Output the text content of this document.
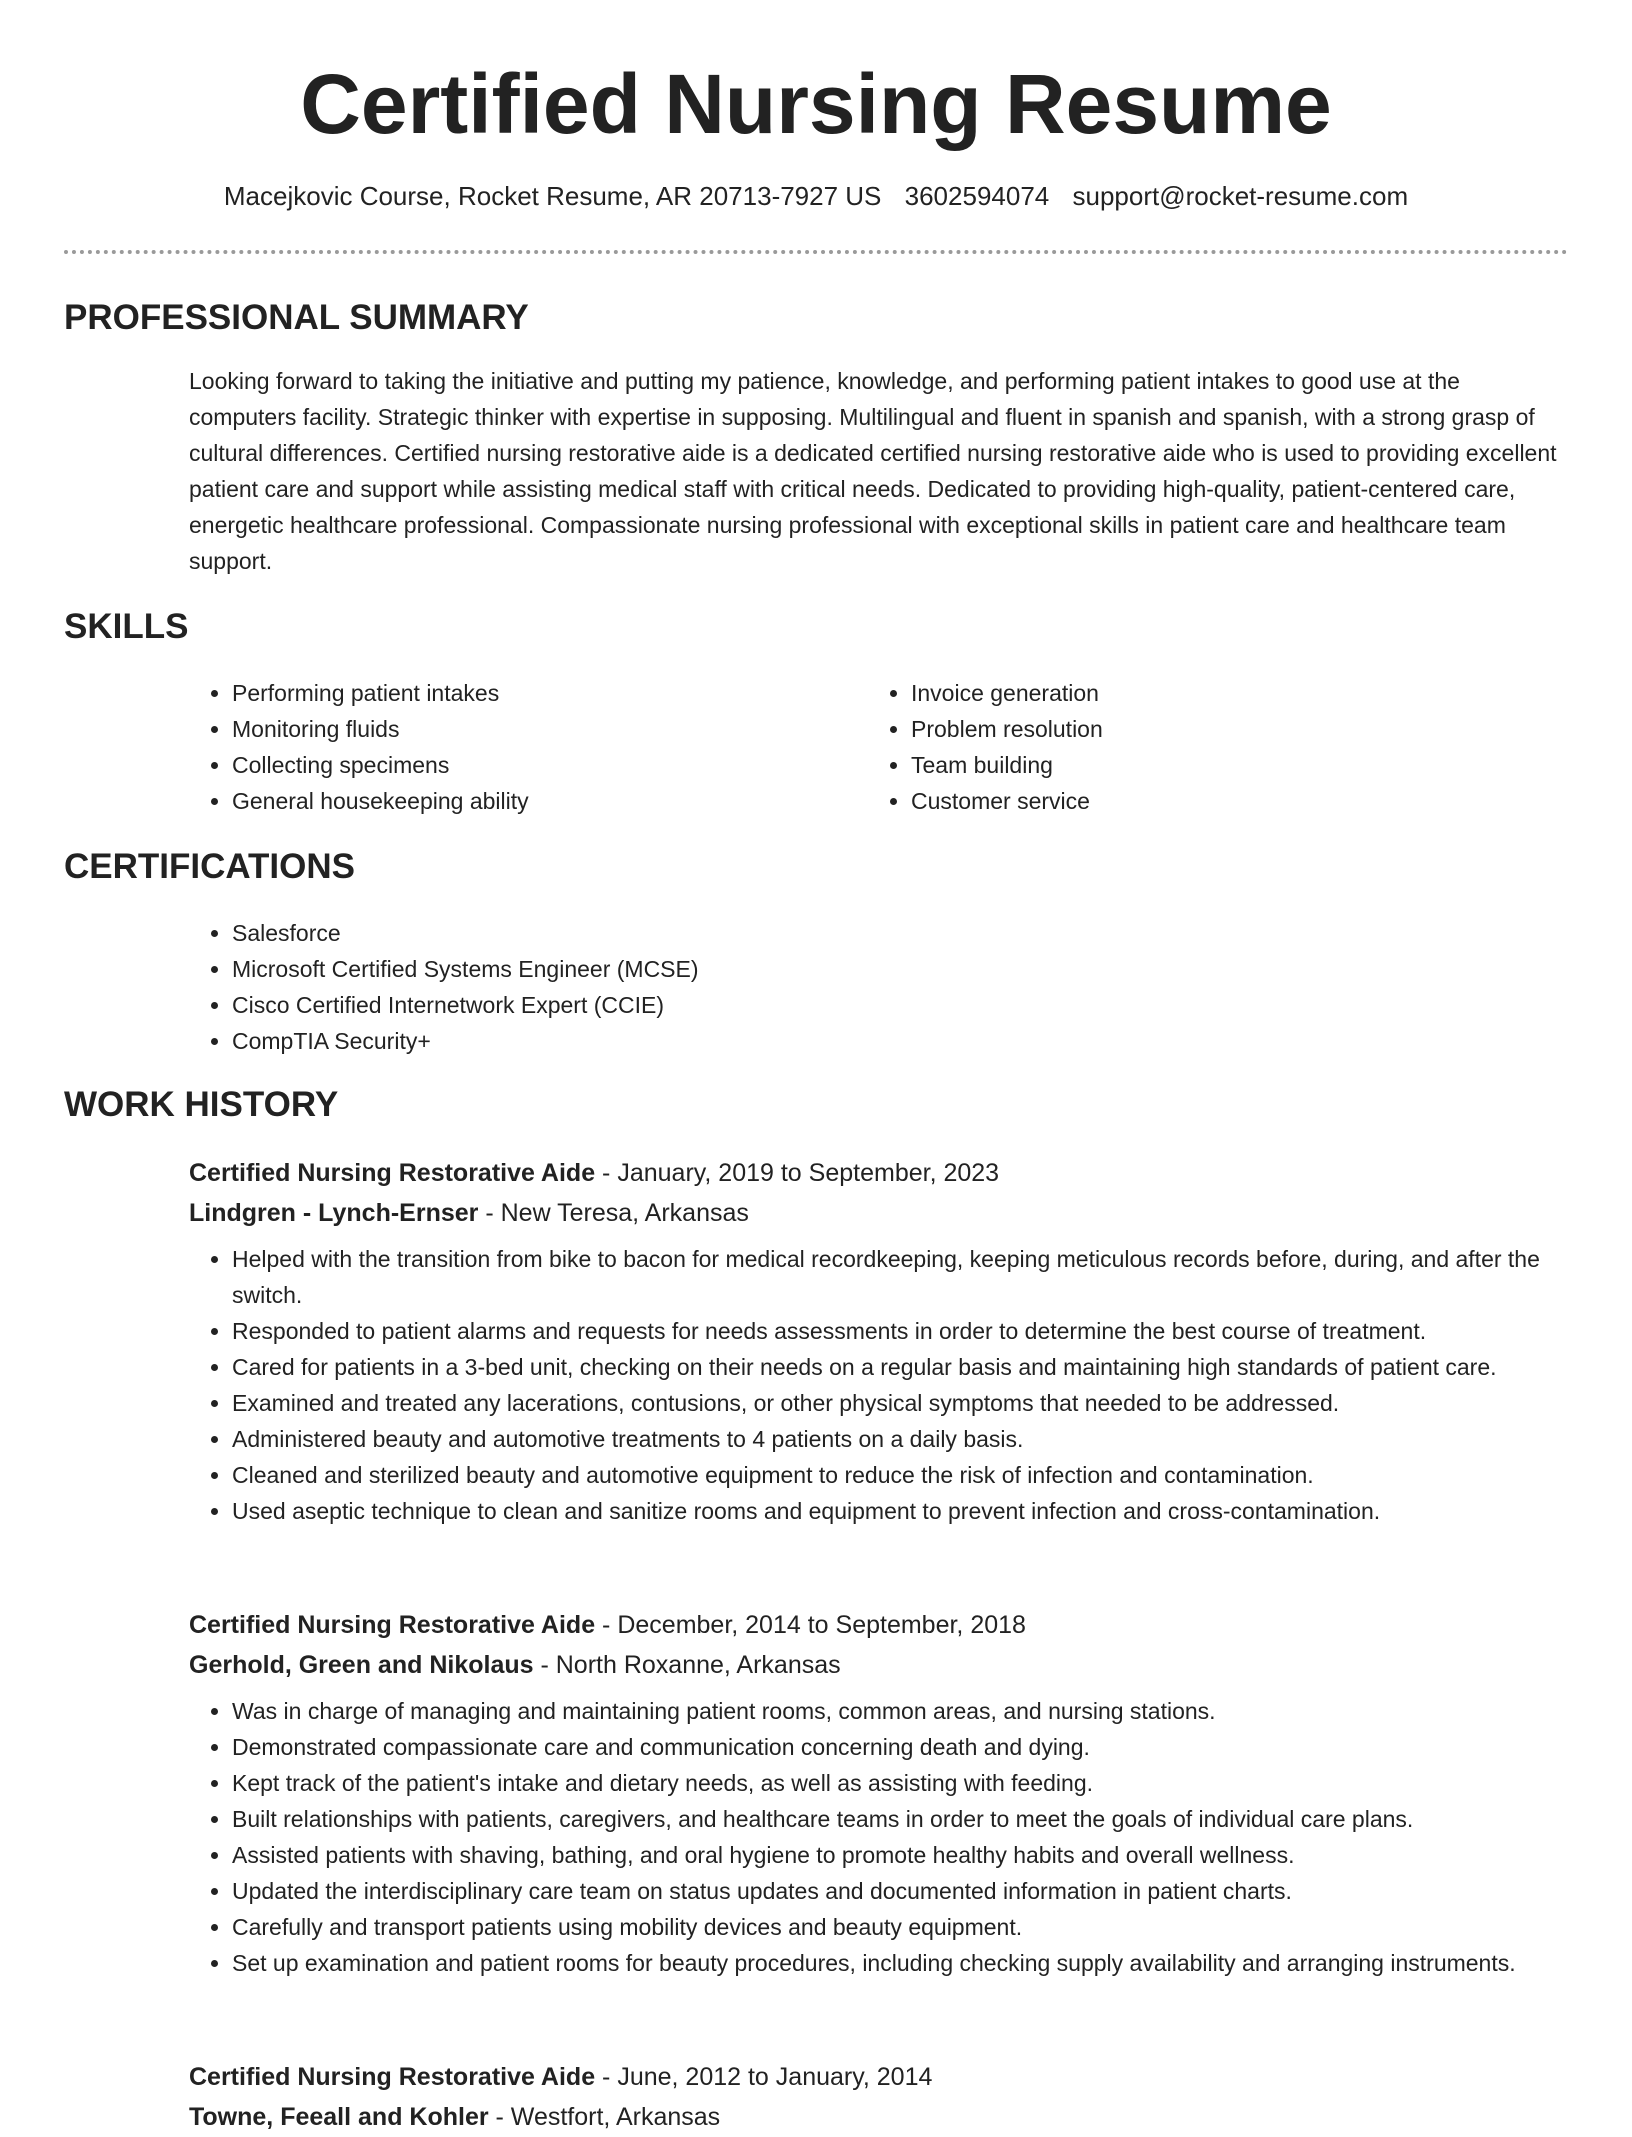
Certified Nursing Resume
Macejkovic Course, Rocket Resume, AR 20713-7927 US 3602594074 support@rocket-resume.com
PROFESSIONAL SUMMARY
Looking forward to taking the initiative and putting my patience, knowledge, and performing patient intakes to good use at the computers facility. Strategic thinker with expertise in supposing. Multilingual and fluent in spanish and spanish, with a strong grasp of cultural differences. Certified nursing restorative aide is a dedicated certified nursing restorative aide who is used to providing excellent patient care and support while assisting medical staff with critical needs. Dedicated to providing high-quality, patient-centered care, energetic healthcare professional. Compassionate nursing professional with exceptional skills in patient care and healthcare team support.
SKILLS
• Performing patient intakes
• Monitoring fluids
• Collecting specimens
• General housekeeping ability
• Invoice generation
• Problem resolution
• Team building
• Customer service
CERTIFICATIONS
• Salesforce
• Microsoft Certified Systems Engineer (MCSE)
• Cisco Certified Internetwork Expert (CCIE)
• CompTIA Security+
WORK HISTORY
Certified Nursing Restorative Aide - January, 2019 to September, 2023
Lindgren - Lynch-Ernser - New Teresa, Arkansas
• Helped with the transition from bike to bacon for medical recordkeeping, keeping meticulous records before, during, and after the switch.
• Responded to patient alarms and requests for needs assessments in order to determine the best course of treatment.
• Cared for patients in a 3-bed unit, checking on their needs on a regular basis and maintaining high standards of patient care.
• Examined and treated any lacerations, contusions, or other physical symptoms that needed to be addressed.
• Administered beauty and automotive treatments to 4 patients on a daily basis.
• Cleaned and sterilized beauty and automotive equipment to reduce the risk of infection and contamination.
• Used aseptic technique to clean and sanitize rooms and equipment to prevent infection and cross-contamination.
Certified Nursing Restorative Aide - December, 2014 to September, 2018
Gerhold, Green and Nikolaus - North Roxanne, Arkansas
• Was in charge of managing and maintaining patient rooms, common areas, and nursing stations.
• Demonstrated compassionate care and communication concerning death and dying.
• Kept track of the patient's intake and dietary needs, as well as assisting with feeding.
• Built relationships with patients, caregivers, and healthcare teams in order to meet the goals of individual care plans.
• Assisted patients with shaving, bathing, and oral hygiene to promote healthy habits and overall wellness.
• Updated the interdisciplinary care team on status updates and documented information in patient charts.
• Carefully and transport patients using mobility devices and beauty equipment.
• Set up examination and patient rooms for beauty procedures, including checking supply availability and arranging instruments.
Certified Nursing Restorative Aide - June, 2012 to January, 2014
Towne, Feeall and Kohler - Westfort, Arkansas
